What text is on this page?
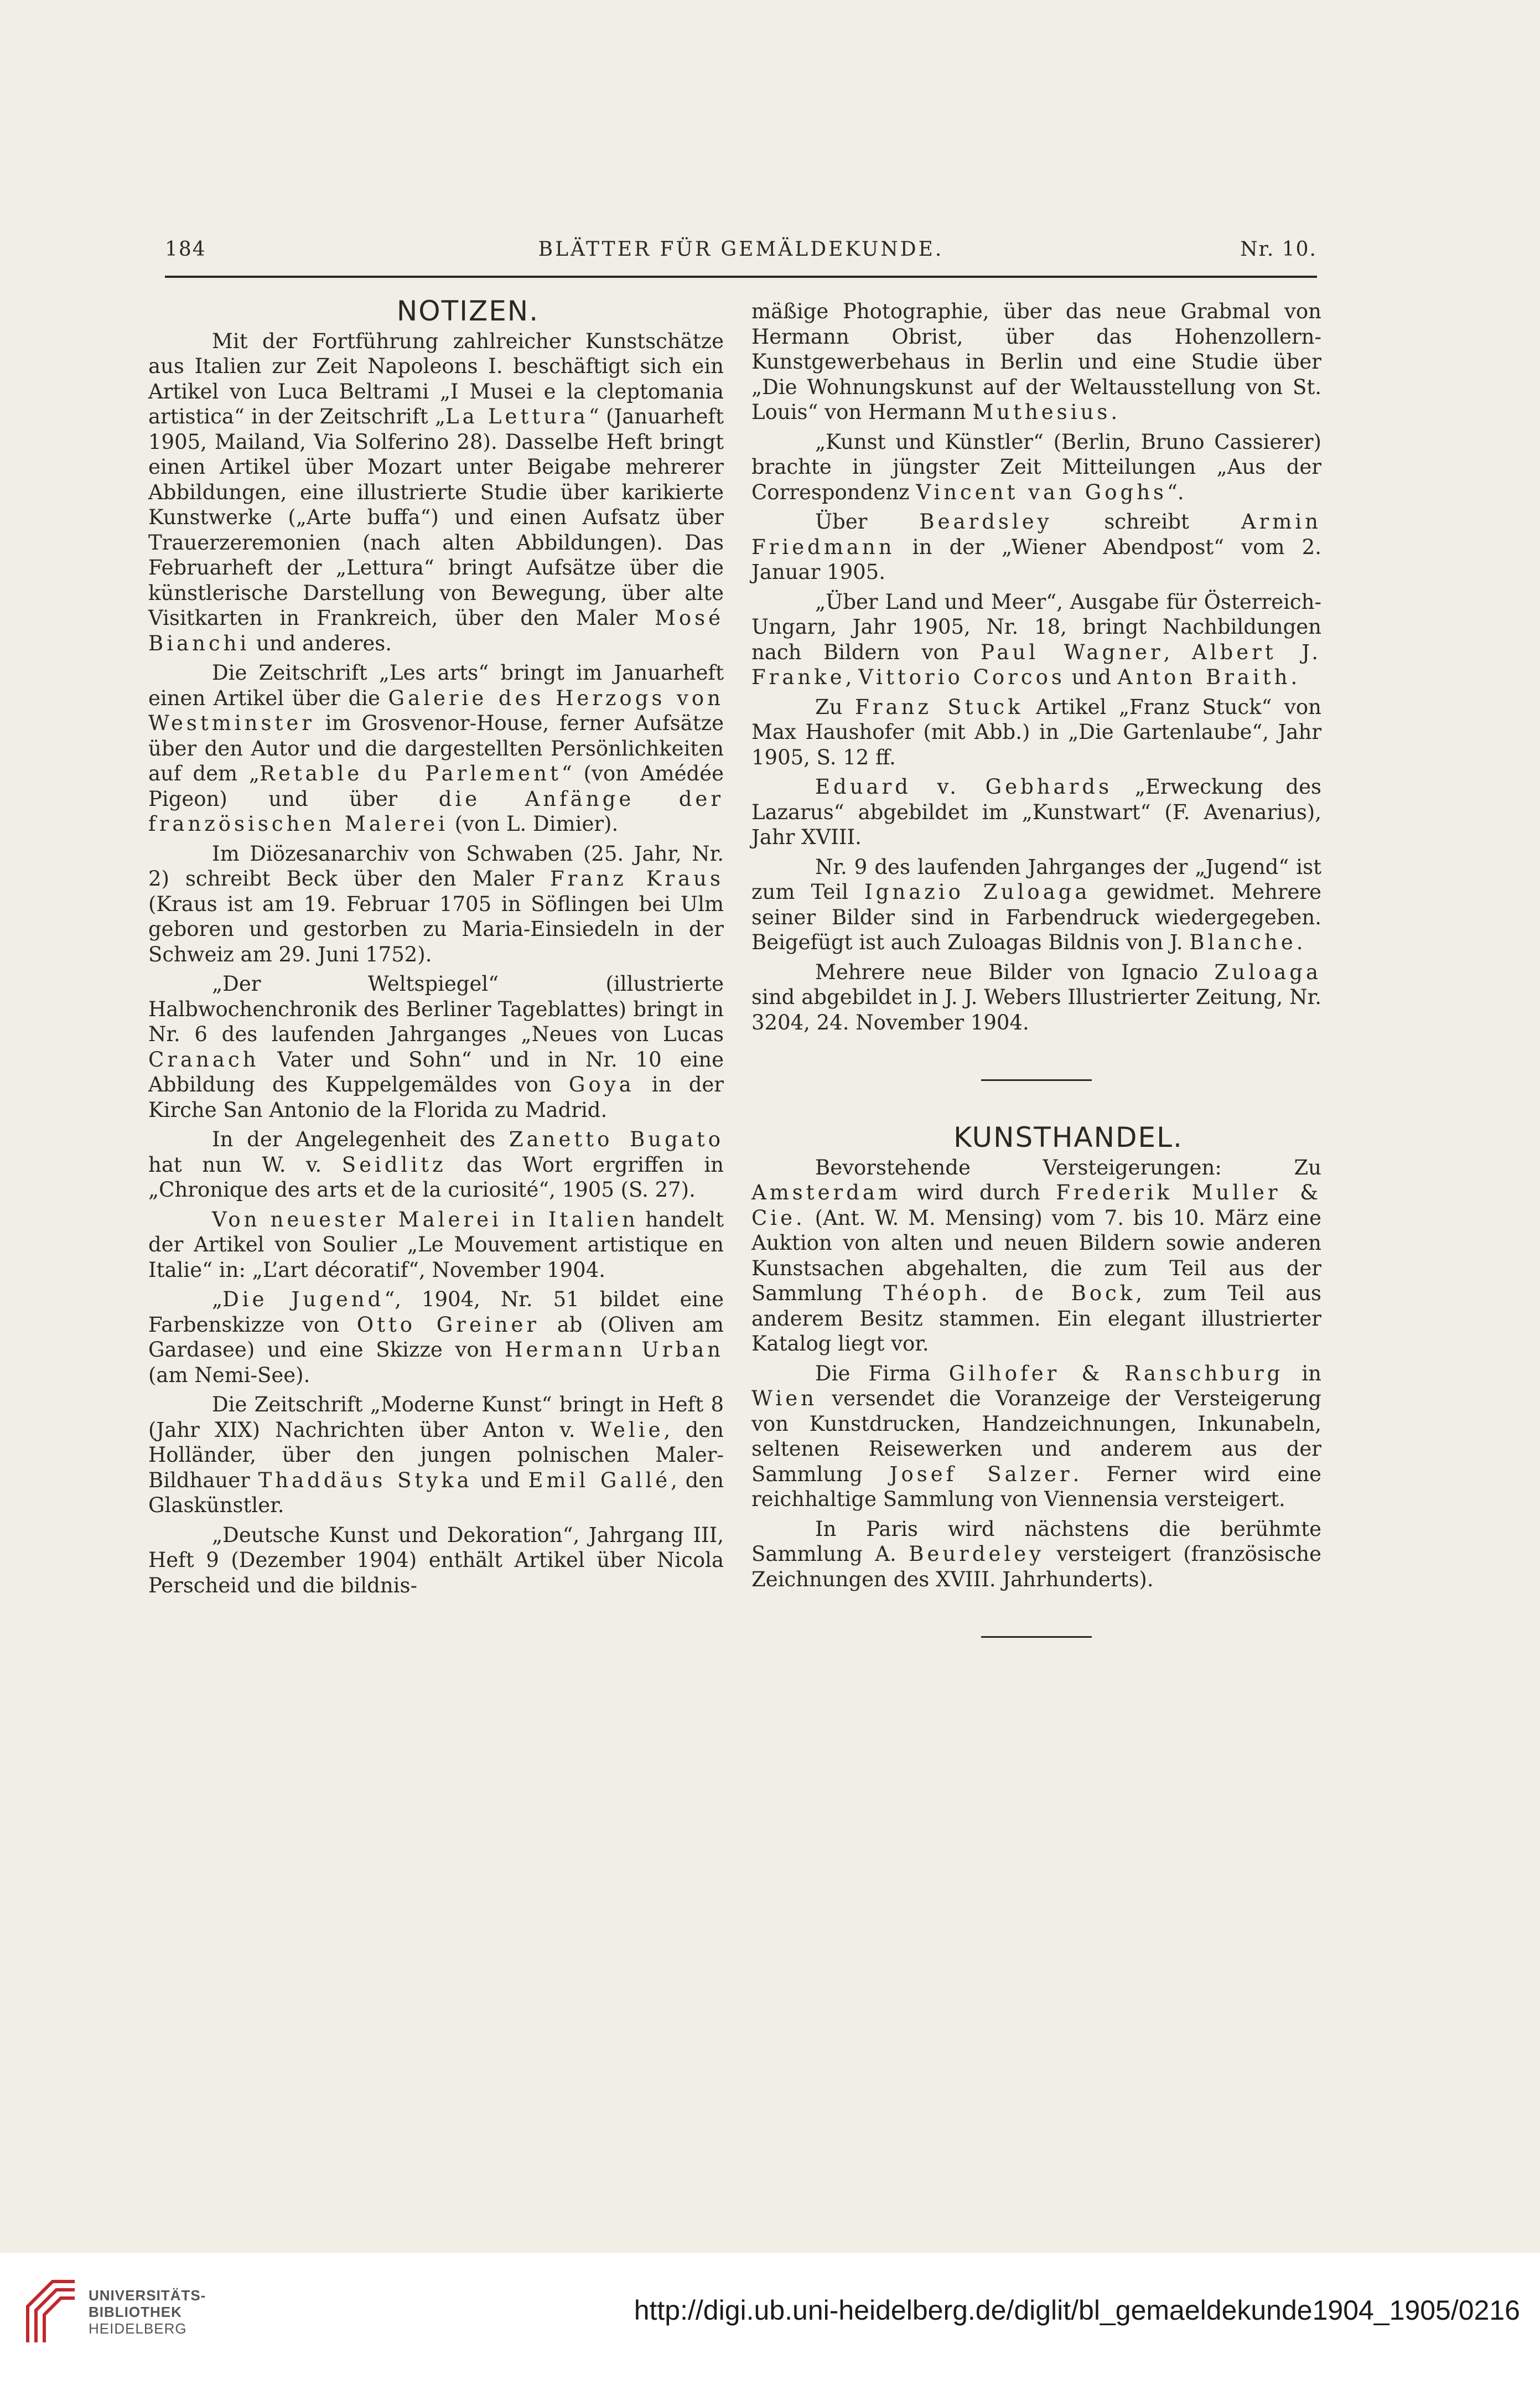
184	BLÄTTER FÜR GEMÄLDEKUNDE.	Nr. 10.

NOTIZEN.

Mit der Fortführung zahlreicher Kunstschätze aus Italien zur Zeit Napoleons I. beschäftigt sich ein Artikel von Luca Beltrami „I Musei e la cleptomania artistica“ in der Zeitschrift „La Lettura“ (Januarheft 1905, Mailand, Via Solferino 28). Dasselbe Heft bringt einen Artikel über Mozart unter Beigabe mehrerer Abbildungen, eine illustrierte Studie über karikierte Kunstwerke („Arte buffa“) und einen Aufsatz über Trauerzeremonien (nach alten Abbildungen). Das Februarheft der „Lettura“ bringt Aufsätze über die künstlerische Darstellung von Bewegung, über alte Visitkarten in Frankreich, über den Maler Mosé Bianchi und anderes.

Die Zeitschrift „Les arts“ bringt im Januarheft einen Artikel über die Galerie des Herzogs von Westminster im Grosvenor-House, ferner Aufsätze über den Autor und die dargestellten Persönlichkeiten auf dem „Retable du Parlement“ (von Amédée Pigeon) und über die Anfänge der französischen Malerei (von L. Dimier).

Im Diözesanarchiv von Schwaben (25. Jahr, Nr. 2) schreibt Beck über den Maler Franz Kraus (Kraus ist am 19. Februar 1705 in Söflingen bei Ulm geboren und gestorben zu Maria-Einsiedeln in der Schweiz am 29. Juni 1752).

„Der Weltspiegel“ (illustrierte Halbwochenchronik des Berliner Tageblattes) bringt in Nr. 6 des laufenden Jahrganges „Neues von Lucas Cranach Vater und Sohn“ und in Nr. 10 eine Abbildung des Kuppelgemäldes von Goya in der Kirche San Antonio de la Florida zu Madrid.

In der Angelegenheit des Zanetto Bugato hat nun W. v. Seidlitz das Wort ergriffen in „Chronique des arts et de la curiosité“, 1905 (S. 27).

Von neuester Malerei in Italien handelt der Artikel von Soulier „Le Mouvement artistique en Italie“ in: „L’art décoratif“, November 1904.

„Die Jugend“, 1904, Nr. 51 bildet eine Farbenskizze von Otto Greiner ab (Oliven am Gardasee) und eine Skizze von Hermann Urban (am Nemi-See).

Die Zeitschrift „Moderne Kunst“ bringt in Heft 8 (Jahr XIX) Nachrichten über Anton v. Welie, den Holländer, über den jungen polnischen Maler-Bildhauer Thaddäus Styka und Emil Gallé, den Glaskünstler.

„Deutsche Kunst und Dekoration“, Jahrgang III, Heft 9 (Dezember 1904) enthält Artikel über Nicola Perscheid und die bildnis-

mäßige Photographie, über das neue Grabmal von Hermann Obrist, über das Hohenzollern-Kunstgewerbehaus in Berlin und eine Studie über „Die Wohnungskunst auf der Weltausstellung von St. Louis“ von Hermann Muthesius.

„Kunst und Künstler“ (Berlin, Bruno Cassierer) brachte in jüngster Zeit Mitteilungen „Aus der Correspondenz Vincent van Goghs“.

Über Beardsley schreibt Armin Friedmann in der „Wiener Abendpost“ vom 2. Januar 1905.

„Über Land und Meer“, Ausgabe für Österreich-Ungarn, Jahr 1905, Nr. 18, bringt Nachbildungen nach Bildern von Paul Wagner, Albert J. Franke, Vittorio Corcos und Anton Braith.

Zu Franz Stuck Artikel „Franz Stuck“ von Max Haushofer (mit Abb.) in „Die Gartenlaube“, Jahr 1905, S. 12 ff.

Eduard v. Gebhards „Erweckung des Lazarus“ abgebildet im „Kunstwart“ (F. Avenarius), Jahr XVIII.

Nr. 9 des laufenden Jahrganges der „Jugend“ ist zum Teil Ignazio Zuloaga gewidmet. Mehrere seiner Bilder sind in Farbendruck wiedergegeben. Beigefügt ist auch Zuloagas Bildnis von J. Blanche.

Mehrere neue Bilder von Ignacio Zuloaga sind abgebildet in J. J. Webers Illustrierter Zeitung, Nr. 3204, 24. November 1904.

KUNSTHANDEL.

Bevorstehende Versteigerungen: Zu Amsterdam wird durch Frederik Muller & Cie. (Ant. W. M. Mensing) vom 7. bis 10. März eine Auktion von alten und neuen Bildern sowie anderen Kunstsachen abgehalten, die zum Teil aus der Sammlung Théoph. de Bock, zum Teil aus anderem Besitz stammen. Ein elegant illustrierter Katalog liegt vor.

Die Firma Gilhofer & Ranschburg in Wien versendet die Voranzeige der Versteigerung von Kunstdrucken, Handzeichnungen, Inkunabeln, seltenen Reisewerken und anderem aus der Sammlung Josef Salzer. Ferner wird eine reichhaltige Sammlung von Viennensia versteigert.

In Paris wird nächstens die berühmte Sammlung A. Beurdeley versteigert (französische Zeichnungen des XVIII. Jahrhunderts).

UNIVERSITÄTS-
BIBLIOTHEK
HEIDELBERG
http://digi.ub.uni-heidelberg.de/diglit/bl_gemaeldekunde1904_1905/0216
